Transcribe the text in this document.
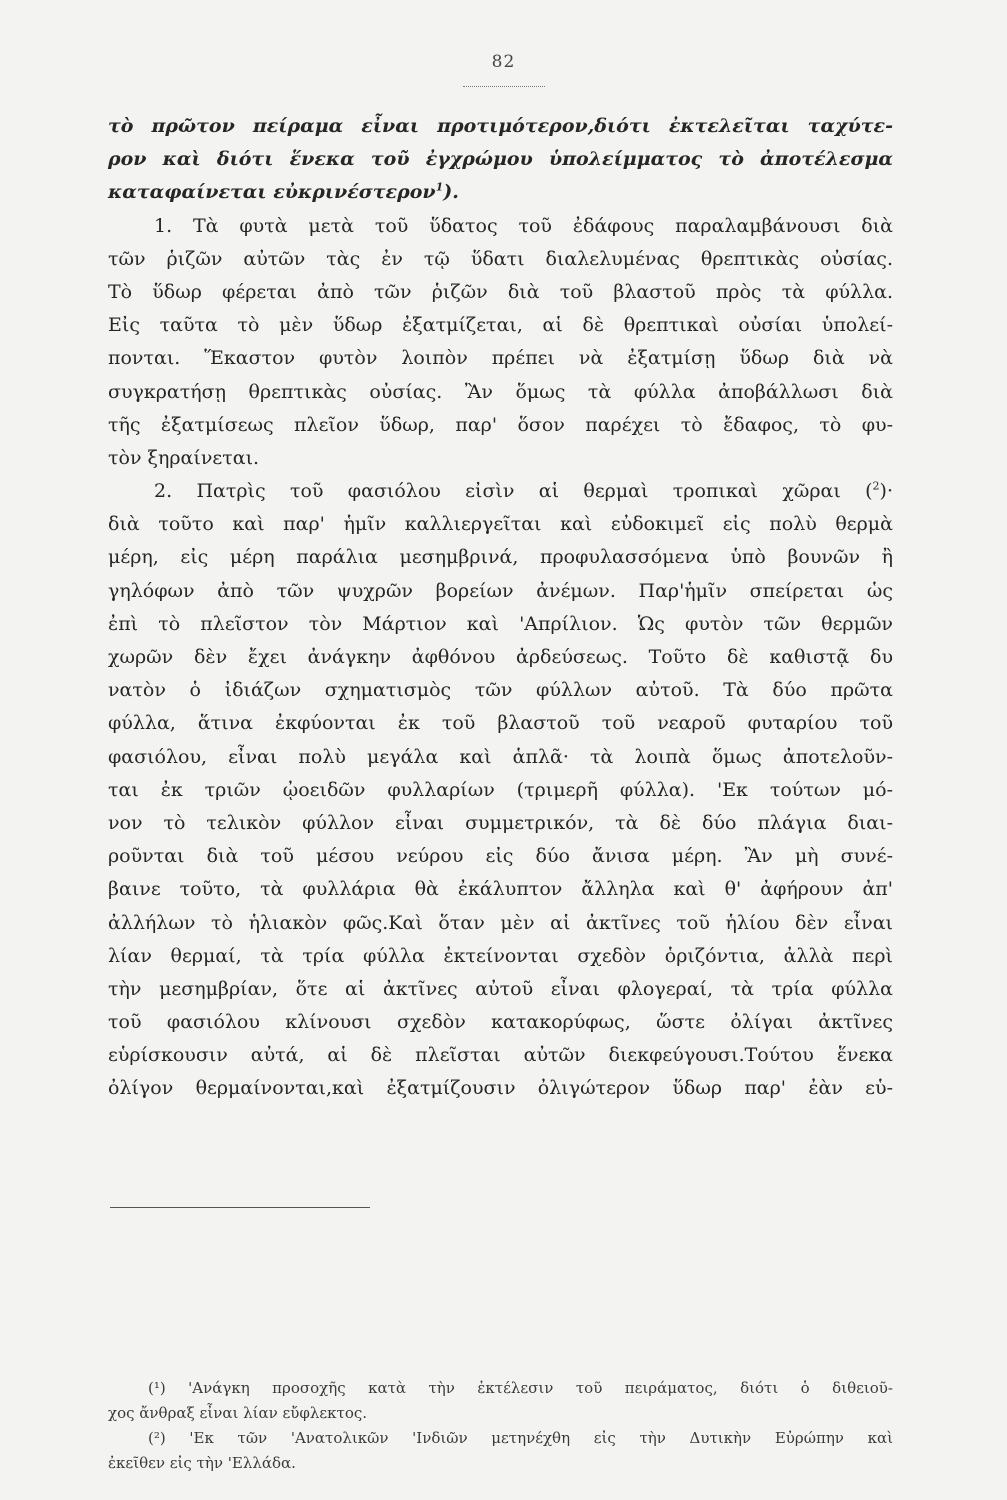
82
τὸ πρῶτον πείραμα εἶναι προτιμότερον,διότι ἐκτελεῖται ταχύτε-
ρον καὶ διότι ἕνεκα τοῦ ἐγχρώμου ὑπολείμματος τὸ ἀποτέλεσμα
καταφαίνεται εὐκρινέστερον$^1$).
1. Τὰ φυτὰ μετὰ τοῦ ὕδατος τοῦ ἐδάφους παραλαμβάνουσι διὰ
τῶν ῥιζῶν αὐτῶν τὰς ἐν τῷ ὕδατι διαλελυμένας θρεπτικὰς οὐσίας.
Τὸ ὕδωρ φέρεται ἀπὸ τῶν ῥιζῶν διὰ τοῦ βλαστοῦ πρὸς τὰ φύλλα.
Εἰς ταῦτα τὸ μὲν ὕδωρ ἐξατμίζεται, αἱ δὲ θρεπτικαὶ οὐσίαι ὑπολεί-
πονται. Ἕκαστον φυτὸν λοιπὸν πρέπει νὰ ἐξατμίσῃ ὕδωρ διὰ νὰ
συγκρατήσῃ θρεπτικὰς οὐσίας. Ἂν ὅμως τὰ φύλλα ἀποβάλλωσι διὰ
τῆς ἐξατμίσεως πλεῖον ὕδωρ, παρ' ὅσον παρέχει τὸ ἔδαφος, τὸ φυ-
τὸν ξηραίνεται.
2. Πατρὶς τοῦ φασιόλου εἰσὶν αἱ θερμαὶ τροπικαὶ χῶραι ($^2$)·
διὰ τοῦτο καὶ παρ' ἡμῖν καλλιεργεῖται καὶ εὐδοκιμεῖ εἰς πολὺ θερμὰ
μέρη, εἰς μέρη παράλια μεσημβρινά, προφυλασσόμενα ὑπὸ βουνῶν ἢ
γηλόφων ἀπὸ τῶν ψυχρῶν βορείων ἀνέμων. Παρ'ἡμῖν σπείρεται ὡς
ἐπὶ τὸ πλεῖστον τὸν Μάρτιον καὶ 'Απρίλιον. Ὡς φυτὸν τῶν θερμῶν
χωρῶν δὲν ἔχει ἀνάγκην ἀφθόνου ἀρδεύσεως. Τοῦτο δὲ καθιστᾷ δυ
νατὸν ὁ ἰδιάζων σχηματισμὸς τῶν φύλλων αὐτοῦ. Τὰ δύο πρῶτα
φύλλα, ἅτινα ἐκφύονται ἐκ τοῦ βλαστοῦ τοῦ νεαροῦ φυταρίου τοῦ
φασιόλου, εἶναι πολὺ μεγάλα καὶ ἁπλᾶ· τὰ λοιπὰ ὅμως ἀποτελοῦν-
ται ἐκ τριῶν ᾠοειδῶν φυλλαρίων (τριμερῆ φύλλα). 'Εκ τούτων μό-
νον τὸ τελικὸν φύλλον εἶναι συμμετρικόν, τὰ δὲ δύο πλάγια διαι-
ροῦνται διὰ τοῦ μέσου νεύρου εἰς δύο ἄνισα μέρη. Ἂν μὴ συνέ-
βαινε τοῦτο, τὰ φυλλάρια θὰ ἐκάλυπτον ἄλληλα καὶ θ' ἀφήρουν ἀπ'
ἀλλήλων τὸ ἡλιακὸν φῶς.Καὶ ὅταν μὲν αἱ ἀκτῖνες τοῦ ἡλίου δὲν εἶναι
λίαν θερμαί, τὰ τρία φύλλα ἐκτείνονται σχεδὸν ὁριζόντια, ἀλλὰ περὶ
τὴν μεσημβρίαν, ὅτε αἱ ἀκτῖνες αὐτοῦ εἶναι φλογεραί, τὰ τρία φύλλα
τοῦ φασιόλου κλίνουσι σχεδὸν κατακορύφως, ὥστε ὀλίγαι ἀκτῖνες
εὑρίσκουσιν αὐτά, αἱ δὲ πλεῖσται αὐτῶν διεκφεύγουσι.Τούτου ἕνεκα
ὀλίγον θερμαίνονται,καὶ ἐξατμίζουσιν ὀλιγώτερον ὕδωρ παρ' ἐὰν εὑ-
(¹) 'Ανάγκη προσοχῆς κατὰ τὴν ἐκτέλεσιν τοῦ πειράματος, διότι ὁ διθειοῦ-
χος ἄνθραξ εἶναι λίαν εὔφλεκτος.
(²) 'Εκ τῶν 'Ανατολικῶν 'Ινδιῶν μετηνέχθη εἰς τὴν Δυτικὴν Εὐρώπην καὶ
ἐκεῖθεν εἰς τὴν 'Ελλάδα.
